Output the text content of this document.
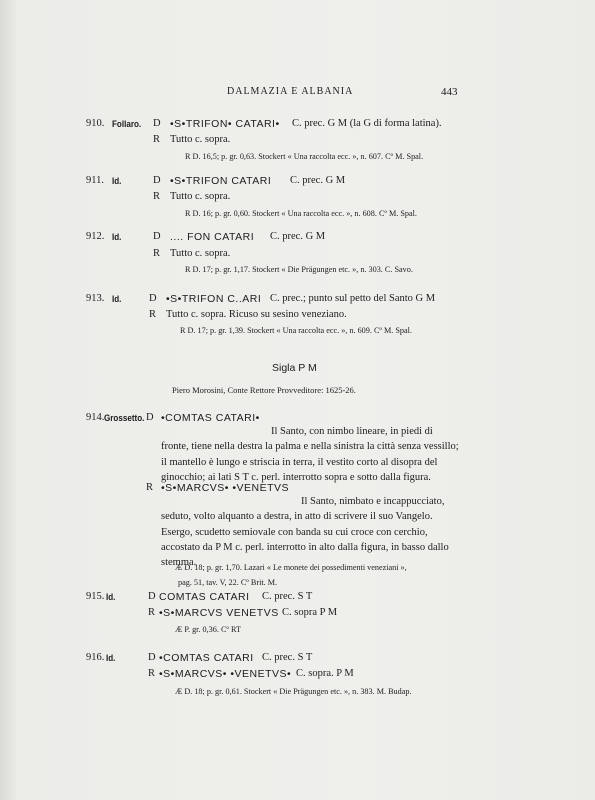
DALMAZIA E ALBANIA	443
910. Follaro. D •S•TRIFON• CATARI• C. prec. G M (la G di forma latina).
R Tutto c. sopra.
R D. 16,5; p. gr. 0,63. Stockert « Una raccolta ecc. », n. 607. Cº M. Spal.
911. Id.	D •S•TRIFON CATARI C. prec. G M
R Tutto c. sopra.
R D. 16; p. gr. 0,60. Stockert « Una raccolta ecc. », n. 608. Cº M. Spal.
912. Id.	D .... FON CATARI C. prec. G M
R Tutto c. sopra.
R D. 17; p. gr. 1,17. Stockert « Die Prägungen etc. », n. 303. C. Savo.
913. Id.	D •S•TRIFON C..ARI C. prec.; punto sul petto del Santo G M
R Tutto c. sopra. Ricuso su sesino veneziano.
R D. 17; p. gr. 1,39. Stockert « Una raccolta ecc. », n. 609. Cº M. Spal.
Sigla P M
Piero Morosini, Conte Rettore Provveditore: 1625-26.
914. Grossetto. D •COMTAS CATARI•
Il Santo, con nimbo lineare, in piedi di fronte, tiene nella destra la palma e nella sinistra la città senza vessillo; il mantello è lungo e striscia in terra, il vestito corto al disopra del ginocchio; ai lati S T c. perl. interrotto sopra e sotto dalla figura.
R •S•MARCVS• •VENETVS
Il Santo, nimbato e incappucciato, seduto, volto alquanto a destra, in atto di scrivere il suo Vangelo. Esergo, scudetto semiovale con banda su cui croce con cerchio, accostato da P M c. perl. interrotto in alto dalla figura, in basso dallo stemma.
Æ D. 18; p. gr. 1,70. Lazari « Le monete dei possedimenti veneziani »,
pag. 51, tav. V, 22. Cº Brit. M.
915. Id.	D COMTAS CATARI C. prec. S T
R •S•MARCVS VENETVS C. sopra P M
Æ P. gr. 0,36. Cº RT
916. Id.	D •COMTAS CATARI C. prec. S T
R •S•MARCVS• •VENETVS• C. sopra. P M
Æ D. 18; p. gr. 0,61. Stockert « Die Prägungen etc. », n. 383. M. Budap.
